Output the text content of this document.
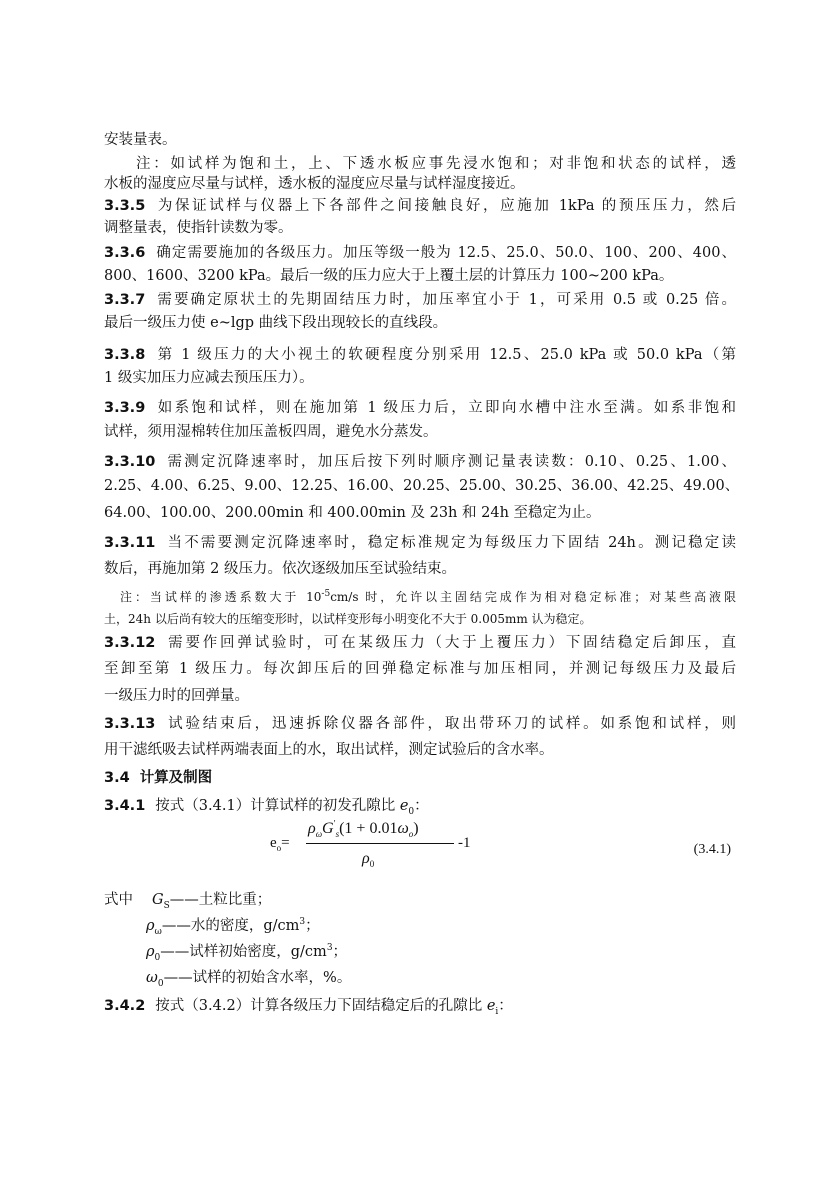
安装量表。
注：如试样为饱和土，上、下透水板应事先浸水饱和；对非饱和状态的试样，透
水板的湿度应尽量与试样，透水板的湿度应尽量与试样湿度接近。
3.3.5 为保证试样与仪器上下各部件之间接触良好，应施加 1kPa 的预压压力，然后
调整量表，使指针读数为零。
3.3.6 确定需要施加的各级压力。加压等级一般为 12.5、25.0、50.0、100、200、400、
800、1600、3200 kPa。最后一级的压力应大于上覆土层的计算压力 100~200 kPa。
3.3.7 需要确定原状土的先期固结压力时，加压率宜小于 1，可采用 0.5 或 0.25 倍。
最后一级压力使 e~lgp 曲线下段出现较长的直线段。
3.3.8 第 1 级压力的大小视土的软硬程度分别采用 12.5、25.0 kPa 或 50.0 kPa（第
1 级实加压力应减去预压压力）。
3.3.9 如系饱和试样，则在施加第 1 级压力后，立即向水槽中注水至满。如系非饱和
试样，须用湿棉转住加压盖板四周，避免水分蒸发。
3.3.10 需测定沉降速率时，加压后按下列时顺序测记量表读数：0.10、0.25、1.00、
2.25、4.00、6.25、9.00、12.25、16.00、20.25、25.00、30.25、36.00、42.25、49.00、
64.00、100.00、200.00min 和 400.00min 及 23h 和 24h 至稳定为止。
3.3.11 当不需要测定沉降速率时，稳定标准规定为每级压力下固结 24h。测记稳定读
数后，再施加第 2 级压力。依次逐级加压至试验结束。
注：当试样的渗透系数大于 $10^{-5}cm/s$ 时，允许以主固结完成作为相对稳定标准；对某些高液限
土，24h 以后尚有较大的压缩变形时，以试样变形每小明变化不大于 0.005mm 认为稳定。
3.3.12 需要作回弹试验时，可在某级压力（大于上覆压力）下固结稳定后卸压，直
至卸至第 1 级压力。每次卸压后的回弹稳定标准与加压相同，并测记每级压力及最后
一级压力时的回弹量。
3.3.13 试验结束后，迅速拆除仪器各部件，取出带环刀的试样。如系饱和试样，则
用干滤纸吸去试样两端表面上的水，取出试样，测定试验后的含水率。
3.4 计算及制图
3.4.1 按式（3.4.1）计算试样的初发孔隙比 $e_0$：
$e_o=$
$\rho_\omega G'_s(1 + 0.01\omega_o)$
$\rho_0$
-1	(3.4.1)
式中 $G_S——$土粒比重；
$\rho_\omega——$水的密度，$g/cm^3$；
$\rho_0——$试样初始密度，$g/cm^3$；
$\omega_0——$试样的初始含水率，%。
3.4.2 按式（3.4.2）计算各级压力下固结稳定后的孔隙比 $e_i$：
